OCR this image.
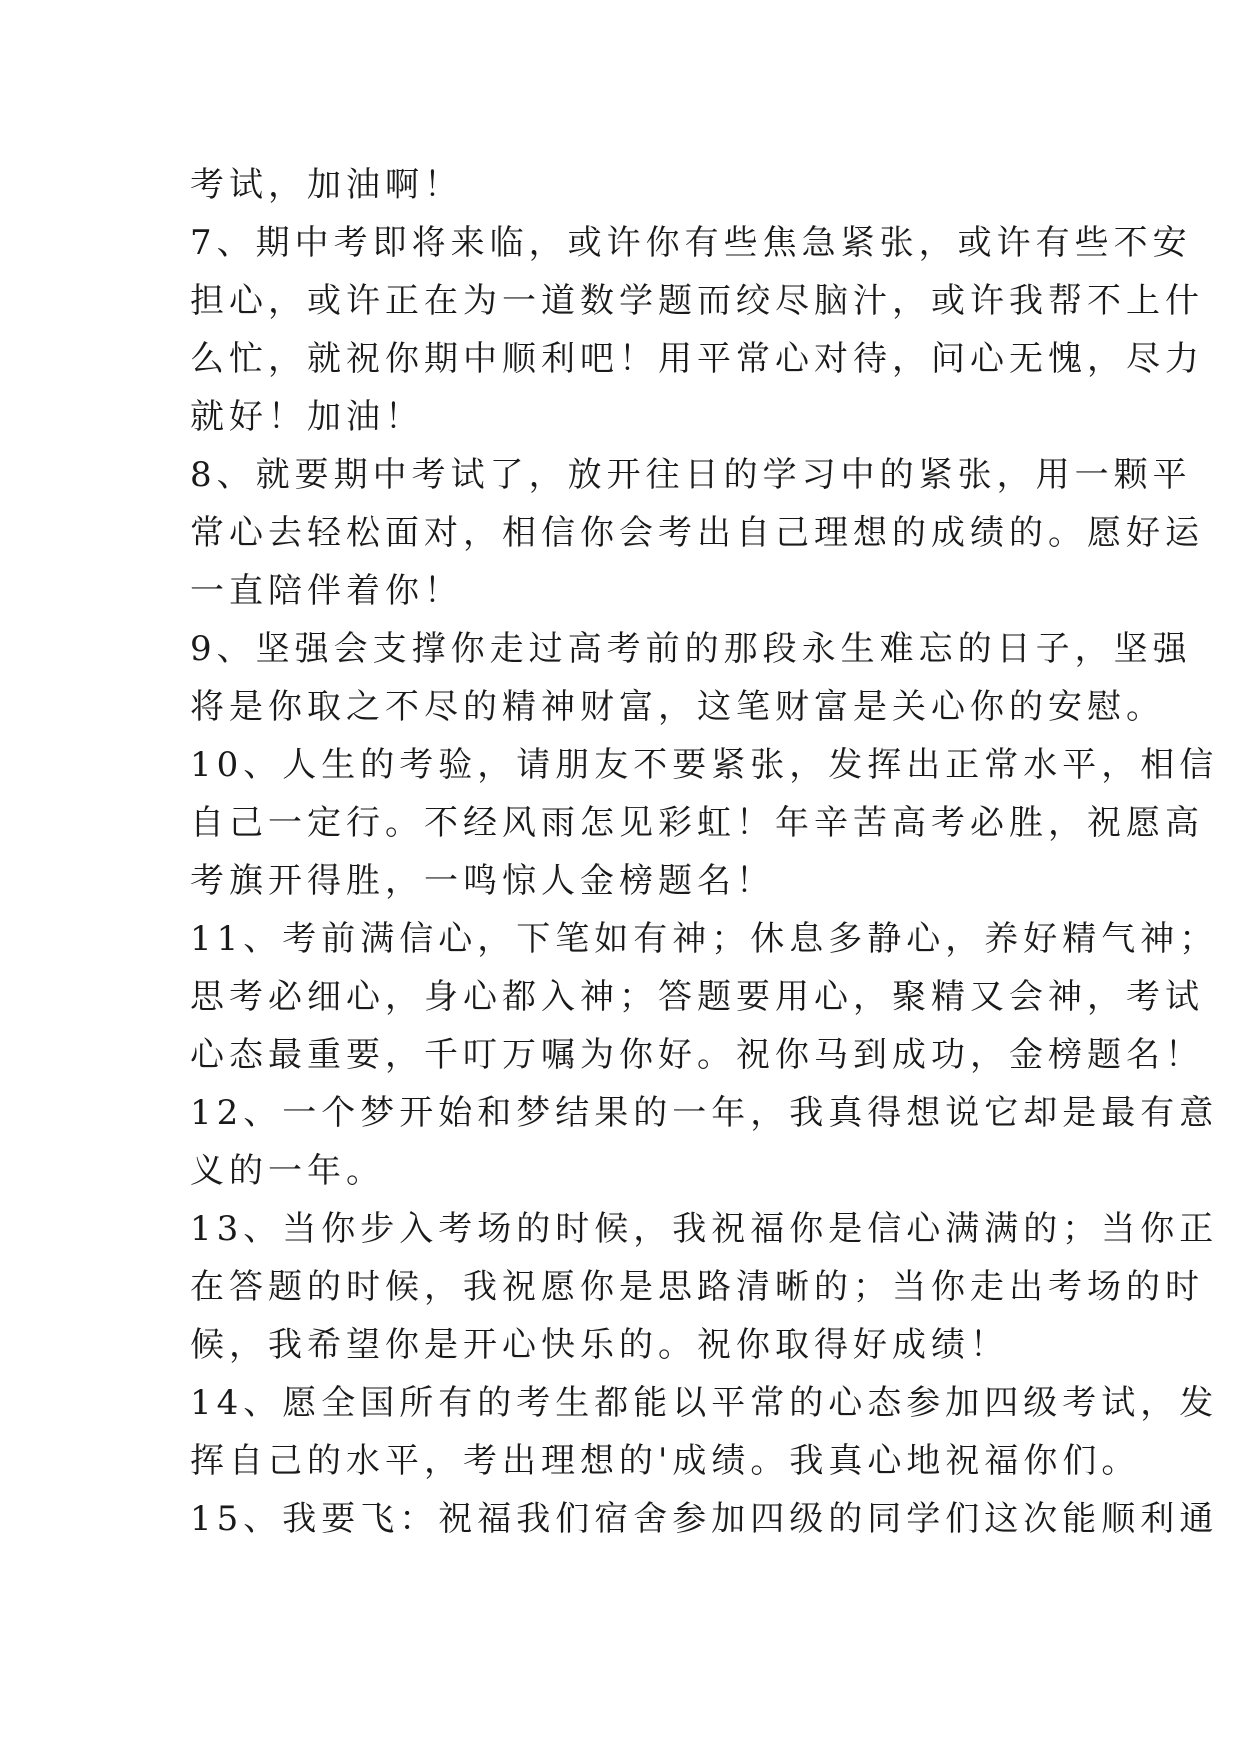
考试，加油啊！
7、期中考即将来临，或许你有些焦急紧张，或许有些不安
担心，或许正在为一道数学题而绞尽脑汁，或许我帮不上什
么忙，就祝你期中顺利吧！用平常心对待，问心无愧，尽力
就好！加油！
8、就要期中考试了，放开往日的学习中的紧张，用一颗平
常心去轻松面对，相信你会考出自己理想的成绩的。愿好运
一直陪伴着你！
9、坚强会支撑你走过高考前的那段永生难忘的日子，坚强
将是你取之不尽的精神财富，这笔财富是关心你的安慰。
10、人生的考验，请朋友不要紧张，发挥出正常水平，相信
自己一定行。不经风雨怎见彩虹！年辛苦高考必胜，祝愿高
考旗开得胜，一鸣惊人金榜题名！
11、考前满信心，下笔如有神；休息多静心，养好精气神；
思考必细心，身心都入神；答题要用心，聚精又会神，考试
心态最重要，千叮万嘱为你好。祝你马到成功，金榜题名！
12、一个梦开始和梦结果的一年，我真得想说它却是最有意
义的一年。
13、当你步入考场的时候，我祝福你是信心满满的；当你正
在答题的时候，我祝愿你是思路清晰的；当你走出考场的时
候，我希望你是开心快乐的。祝你取得好成绩！
14、愿全国所有的考生都能以平常的心态参加四级考试，发
挥自己的水平，考出理想的'成绩。我真心地祝福你们。
15、我要飞：祝福我们宿舍参加四级的同学们这次能顺利通
